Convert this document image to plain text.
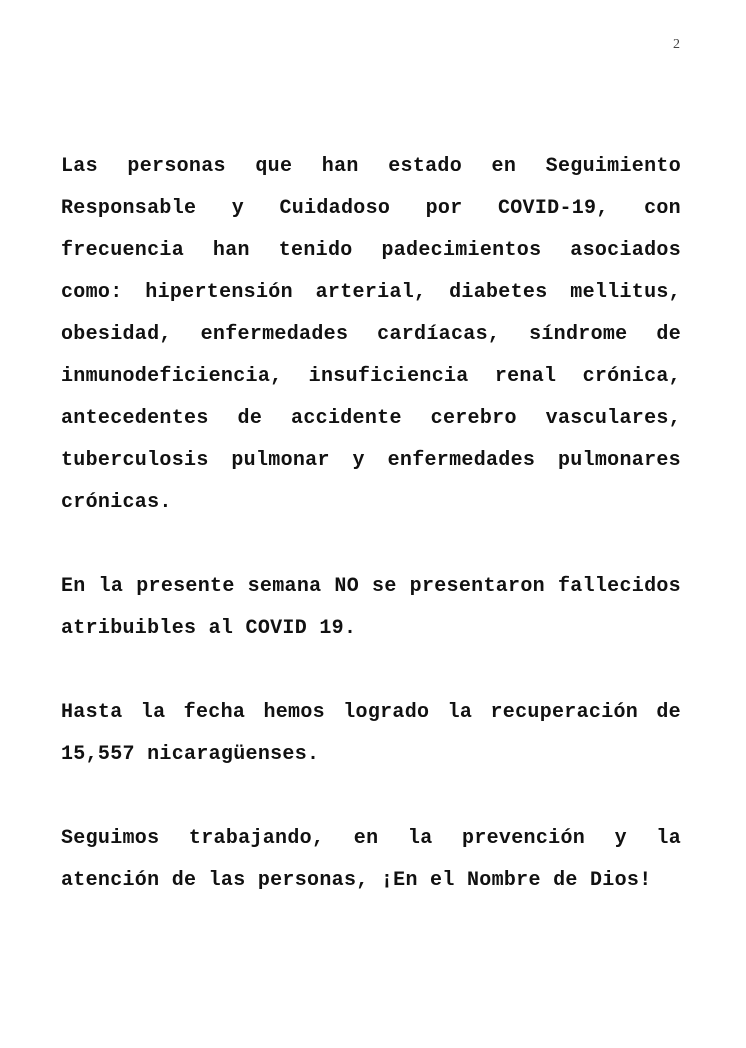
2

Las personas que han estado en Seguimiento Responsable y Cuidadoso por COVID-19, con frecuencia han tenido padecimientos asociados como: hipertensión arterial, diabetes mellitus, obesidad, enfermedades cardíacas, síndrome de inmunodeficiencia, insuficiencia renal crónica, antecedentes de accidente cerebro vasculares, tuberculosis pulmonar y enfermedades pulmonares crónicas.

En la presente semana NO se presentaron fallecidos atribuibles al COVID 19.

Hasta la fecha hemos logrado la recuperación de 15,557 nicaragüenses.

Seguimos trabajando, en la prevención y la atención de las personas, ¡En el Nombre de Dios!
